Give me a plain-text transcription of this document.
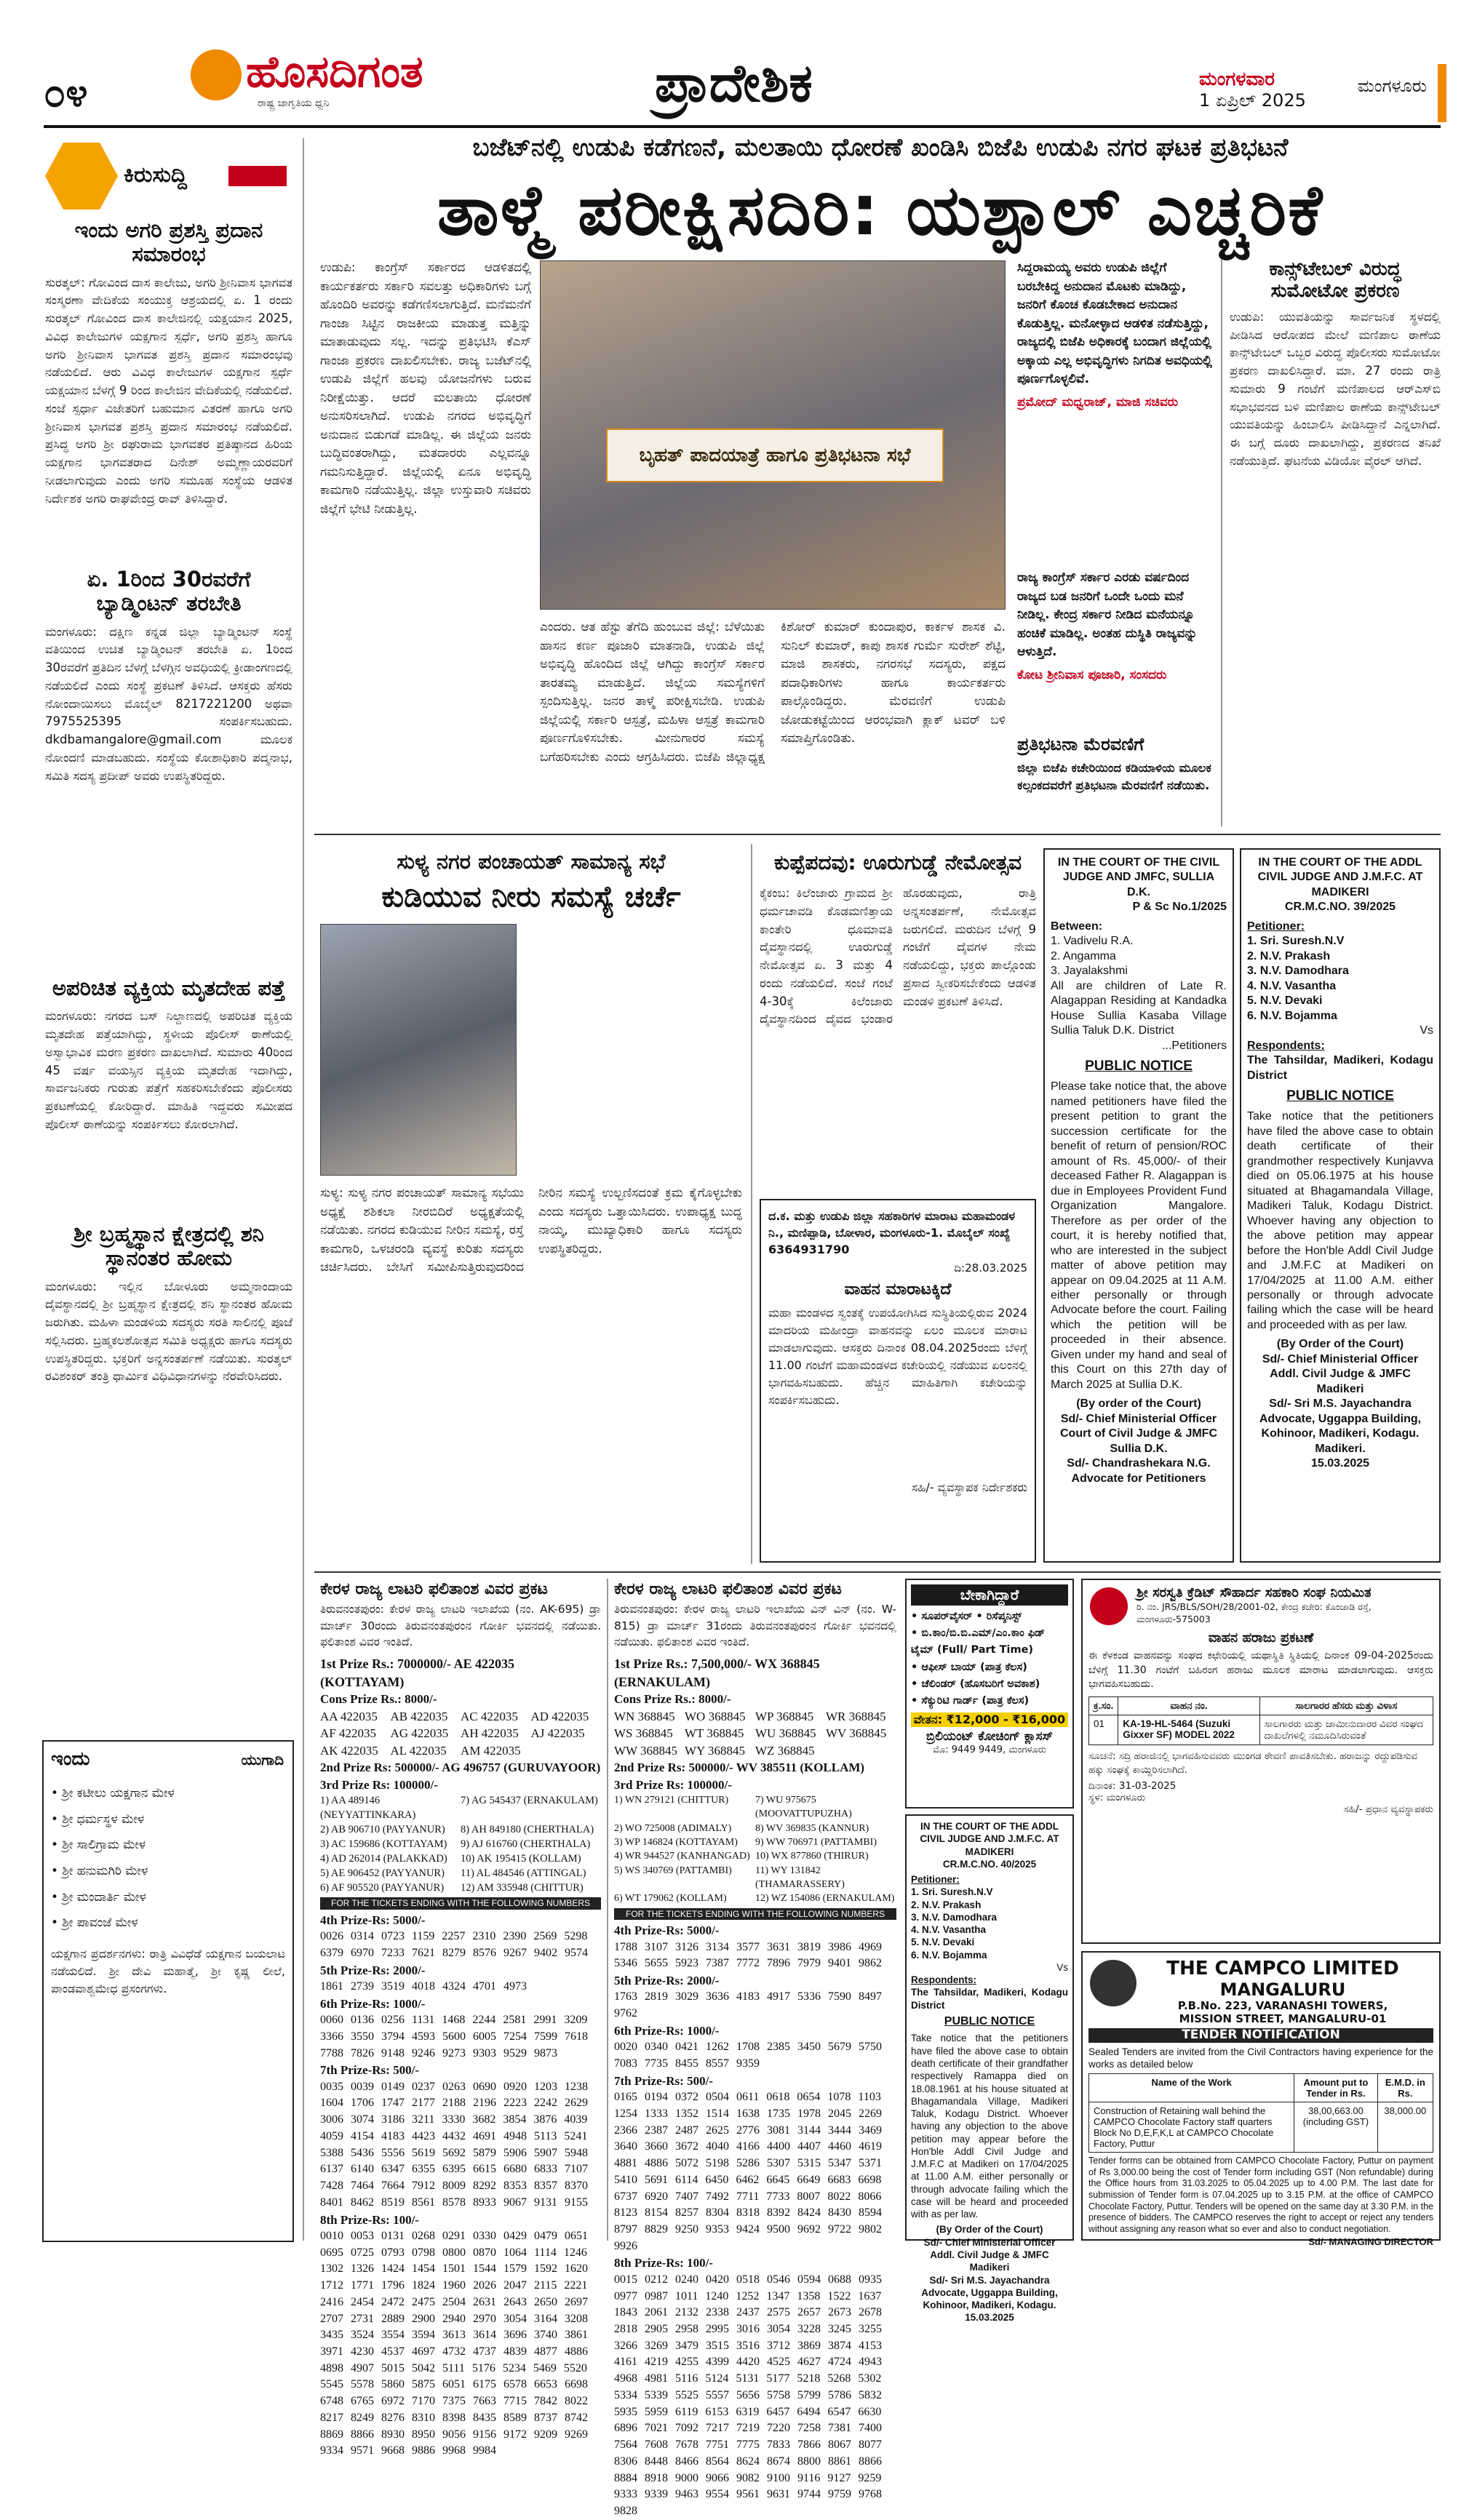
೦೪	ಹೊಸದಿಗಂತ
ರಾಷ್ಟ್ರ ಜಾಗೃತಿಯ ಧ್ವನಿ	ಪ್ರಾದೇಶಿಕ	ಮಂಗಳವಾರ
1 ಏಪ್ರಿಲ್ 2025
ಮಂಗಳೂರು
ಕಿರುಸುದ್ದಿ
ಇಂದು ಅಗರಿ ಪ್ರಶಸ್ತಿ ಪ್ರದಾನ ಸಮಾರಂಭ
ಸುರತ್ಕಲ್: ಗೋವಿಂದ ದಾಸ ಕಾಲೇಜು, ಅಗರಿ ಶ್ರೀನಿವಾಸ ಭಾಗವತ ಸಂಸ್ಮರಣಾ ವೇದಿಕೆಯ ಸಂಯುಕ್ತ ಆಶ್ರಯದಲ್ಲಿ ಏ. 1 ರಂದು ಸುರತ್ಕಲ್ ಗೋವಿಂದ ದಾಸ ಕಾಲೇಜಿನಲ್ಲಿ ಯಕ್ಷಯಾನ 2025, ವಿವಿಧ ಕಾಲೇಜುಗಳ ಯಕ್ಷಗಾನ ಸ್ಪರ್ಧೆ, ಅಗರಿ ಪ್ರಶಸ್ತಿ ಹಾಗೂ ಅಗರಿ ಶ್ರೀನಿವಾಸ ಭಾಗವತ ಪ್ರಶಸ್ತಿ ಪ್ರದಾನ ಸಮಾರಂಭವು ನಡೆಯಲಿದೆ. ಆರು ವಿವಿಧ ಕಾಲೇಜುಗಳ ಯಕ್ಷಗಾನ ಸ್ಪರ್ಧೆ ಯಕ್ಷಯಾನ ಬೆಳಗ್ಗೆ 9 ರಿಂದ ಕಾಲೇಜಿನ ವೇದಿಕೆಯಲ್ಲಿ ನಡೆಯಲಿದೆ. ಸಂಜೆ ಸ್ಪರ್ಧಾ ವಿಜೇತರಿಗೆ ಬಹುಮಾನ ವಿತರಣೆ ಹಾಗೂ ಅಗರಿ ಶ್ರೀನಿವಾಸ ಭಾಗವತ ಪ್ರಶಸ್ತಿ ಪ್ರದಾನ ಸಮಾರಂಭ ನಡೆಯಲಿದೆ. ಪ್ರಸಿದ್ಧ ಅಗರಿ ಶ್ರೀ ರಘುರಾಮ ಭಾಗವತರ ಪ್ರತಿಷ್ಠಾನದ ಹಿರಿಯ ಯಕ್ಷಗಾನ ಭಾಗವತರಾದ ದಿನೇಶ್ ಅಮ್ಮಣ್ಣಾಯರವರಿಗೆ ನೀಡಲಾಗುವುದು ಎಂದು ಅಗರಿ ಸಮೂಹ ಸಂಸ್ಥೆಯ ಆಡಳಿತ ನಿರ್ದೇಶಕ ಅಗರಿ ರಾಘವೇಂದ್ರ ರಾವ್ ತಿಳಿಸಿದ್ದಾರೆ.
ಏ. 1ರಿಂದ 30ರವರೆಗೆ ಬ್ಯಾಡ್ಮಿಂಟನ್ ತರಬೇತಿ
ಮಂಗಳೂರು: ದಕ್ಷಿಣ ಕನ್ನಡ ಜಿಲ್ಲಾ ಬ್ಯಾಡ್ಮಿಂಟನ್ ಸಂಸ್ಥೆ ವತಿಯಿಂದ ಉಚಿತ ಬ್ಯಾಡ್ಮಿಂಟನ್ ತರಬೇತಿ ಏ. 1ರಿಂದ 30ರವರೆಗೆ ಪ್ರತಿದಿನ ಬೆಳಗ್ಗೆ ಬೆಳಗ್ಗಿನ ಅವಧಿಯಲ್ಲಿ ಕ್ರೀಡಾಂಗಣದಲ್ಲಿ ನಡೆಯಲಿದೆ ಎಂದು ಸಂಸ್ಥೆ ಪ್ರಕಟಣೆ ತಿಳಿಸಿದೆ. ಆಸಕ್ತರು ಹೆಸರು ನೋಂದಾಯಿಸಲು ಮೊಬೈಲ್ 8217221200 ಅಥವಾ 7975525395 ಸಂಪರ್ಕಿಸಬಹುದು. dkdbamangalore@gmail.com ಮೂಲಕ ನೋಂದಣಿ ಮಾಡಬಹುದು. ಸಂಸ್ಥೆಯ ಕೋಶಾಧಿಕಾರಿ ಪದ್ಮನಾಭ, ಸಮಿತಿ ಸದಸ್ಯ ಪ್ರದೀಪ್ ಅವರು ಉಪಸ್ಥಿತರಿದ್ದರು.
ಅಪರಿಚಿತ ವ್ಯಕ್ತಿಯ ಮೃತದೇಹ ಪತ್ತೆ
ಮಂಗಳೂರು: ನಗರದ ಬಸ್ ನಿಲ್ದಾಣದಲ್ಲಿ ಅಪರಿಚಿತ ವ್ಯಕ್ತಿಯ ಮೃತದೇಹ ಪತ್ತೆಯಾಗಿದ್ದು, ಸ್ಥಳೀಯ ಪೊಲೀಸ್ ಠಾಣೆಯಲ್ಲಿ ಅಸ್ವಾಭಾವಿಕ ಮರಣ ಪ್ರಕರಣ ದಾಖಲಾಗಿದೆ. ಸುಮಾರು 40ರಿಂದ 45 ವರ್ಷ ವಯಸ್ಸಿನ ವ್ಯಕ್ತಿಯ ಮೃತದೇಹ ಇದಾಗಿದ್ದು, ಸಾರ್ವಜನಿಕರು ಗುರುತು ಪತ್ತೆಗೆ ಸಹಕರಿಸಬೇಕೆಂದು ಪೊಲೀಸರು ಪ್ರಕಟಣೆಯಲ್ಲಿ ಕೋರಿದ್ದಾರೆ. ಮಾಹಿತಿ ಇದ್ದವರು ಸಮೀಪದ ಪೊಲೀಸ್ ಠಾಣೆಯನ್ನು ಸಂಪರ್ಕಿಸಲು ಕೋರಲಾಗಿದೆ.
ಶ್ರೀ ಬ್ರಹ್ಮಸ್ಥಾನ ಕ್ಷೇತ್ರದಲ್ಲಿ ಶನಿ ಸ್ಥಾನಂತರ ಹೋಮ
ಮಂಗಳೂರು: ಇಲ್ಲಿನ ಬೋಳೂರು ಅಮ್ಮನಾಂದಾಯ ದೈವಸ್ಥಾನದಲ್ಲಿ ಶ್ರೀ ಬ್ರಹ್ಮಸ್ಥಾನ ಕ್ಷೇತ್ರದಲ್ಲಿ ಶನಿ ಸ್ಥಾನಂತರ ಹೋಮ ಜರುಗಿತು. ಮಹಿಳಾ ಮಂಡಳಿಯ ಸದಸ್ಯರು ಸರತಿ ಸಾಲಿನಲ್ಲಿ ಪೂಜೆ ಸಲ್ಲಿಸಿದರು. ಬ್ರಹ್ಮಕಲಶೋತ್ಸವ ಸಮಿತಿ ಅಧ್ಯಕ್ಷರು ಹಾಗೂ ಸದಸ್ಯರು ಉಪಸ್ಥಿತರಿದ್ದರು. ಭಕ್ತರಿಗೆ ಅನ್ನಸಂತರ್ಪಣೆ ನಡೆಯಿತು. ಸುರತ್ಕಲ್ ರವಿಶಂಕರ್ ತಂತ್ರಿ ಧಾರ್ಮಿಕ ವಿಧಿವಿಧಾನಗಳನ್ನು ನೆರವೇರಿಸಿದರು.
ಇಂದು	ಯುಗಾದಿ
• ಶ್ರೀ ಕಟೀಲು ಯಕ್ಷಗಾನ ಮೇಳ
• ಶ್ರೀ ಧರ್ಮಸ್ಥಳ ಮೇಳ
• ಶ್ರೀ ಸಾಲಿಗ್ರಾಮ ಮೇಳ
• ಶ್ರೀ ಹನುಮಗಿರಿ ಮೇಳ
• ಶ್ರೀ ಮಂದಾರ್ತಿ ಮೇಳ
• ಶ್ರೀ ಪಾವಂಜೆ ಮೇಳ
ಯಕ್ಷಗಾನ ಪ್ರದರ್ಶನಗಳು: ರಾತ್ರಿ ವಿವಿಧೆಡೆ ಯಕ್ಷಗಾನ ಬಯಲಾಟ ನಡೆಯಲಿದೆ. ಶ್ರೀ ದೇವಿ ಮಹಾತ್ಮೆ, ಶ್ರೀ ಕೃಷ್ಣ ಲೀಲೆ, ಪಾಂಡವಾಶ್ವಮೇಧ ಪ್ರಸಂಗಗಳು.
ಬಜೆಟ್‌ನಲ್ಲಿ ಉಡುಪಿ ಕಡೆಗಣನೆ, ಮಲತಾಯಿ ಧೋರಣೆ ಖಂಡಿಸಿ ಬಿಜೆಪಿ ಉಡುಪಿ ನಗರ ಘಟಕ ಪ್ರತಿಭಟನೆ
ತಾಳ್ಮೆ ಪರೀಕ್ಷಿಸದಿರಿ: ಯಶ್ಪಾಲ್ ಎಚ್ಚರಿಕೆ
ಉಡುಪಿ: ಕಾಂಗ್ರೆಸ್ ಸರ್ಕಾರದ ಆಡಳಿತದಲ್ಲಿ ಕಾರ್ಯಕರ್ತರು ಸರ್ಕಾರಿ ಸವಲತ್ತು ಅಧಿಕಾರಿಗಳು ಬಗ್ಗೆ ಹೊಂದಿರಿ ಅವರನ್ನು ಕಡೆಗಣಿಸಲಾಗುತ್ತಿದೆ. ಮನೆಮನೆಗೆ ಗಾಂಜಾ ಸಿಟ್ಟಿನ ರಾಜಕೀಯ ಮಾಡುತ್ತ ಮತ್ತಿನ್ನು ಮಾತಾಡುವುದು ಸಲ್ಲ. ಇದನ್ನು ಪ್ರತಿಭಟಿಸಿ ಕೆಎಸ್ ಗಾಂಜಾ ಪ್ರಕರಣ ದಾಖಲಿಸಬೇಕು. ರಾಜ್ಯ ಬಜೆಟ್‌ನಲ್ಲಿ ಉಡುಪಿ ಜಿಲ್ಲೆಗೆ ಹಲವು ಯೋಜನೆಗಳು ಬರುವ ನಿರೀಕ್ಷೆಯಿತ್ತು. ಆದರೆ ಮಲತಾಯಿ ಧೋರಣೆ ಅನುಸರಿಸಲಾಗಿದೆ. ಉಡುಪಿ ನಗರದ ಅಭಿವೃದ್ಧಿಗೆ ಅನುದಾನ ಬಿಡುಗಡೆ ಮಾಡಿಲ್ಲ. ಈ ಜಿಲ್ಲೆಯ ಜನರು ಬುದ್ಧಿವಂತರಾಗಿದ್ದು, ಮತದಾರರು ಎಲ್ಲವನ್ನೂ ಗಮನಿಸುತ್ತಿದ್ದಾರೆ. ಜಿಲ್ಲೆಯಲ್ಲಿ ಏನೂ ಅಭಿವೃದ್ಧಿ ಕಾಮಗಾರಿ ನಡೆಯುತ್ತಿಲ್ಲ. ಜಿಲ್ಲಾ ಉಸ್ತುವಾರಿ ಸಚಿವರು ಜಿಲ್ಲೆಗೆ ಭೇಟಿ ನೀಡುತ್ತಿಲ್ಲ.
ಬೃಹತ್ ಪಾದಯಾತ್ರೆ ಹಾಗೂ ಪ್ರತಿಭಟನಾ ಸಭೆ
ಎಂದರು. ಆತ ಹೆಸ್ಟು ತೆಗೆದಿ ಹುಂಬುವ ಜಿಲ್ಲೆ: ಬೆಳೆಯಿತು ಹಾಸನ ಕರ್ಣ ಪೂಜಾರಿ ಮಾತನಾಡಿ, ಉಡುಪಿ ಜಿಲ್ಲೆ ಅಭಿವೃದ್ಧಿ ಹೊಂದಿದ ಜಿಲ್ಲೆ ಆಗಿದ್ದು ಕಾಂಗ್ರೆಸ್ ಸರ್ಕಾರ ತಾರತಮ್ಯ ಮಾಡುತ್ತಿದೆ. ಜಿಲ್ಲೆಯ ಸಮಸ್ಯೆಗಳಿಗೆ ಸ್ಪಂದಿಸುತ್ತಿಲ್ಲ. ಜನರ ತಾಳ್ಮೆ ಪರೀಕ್ಷಿಸಬೇಡಿ. ಉಡುಪಿ ಜಿಲ್ಲೆಯಲ್ಲಿ ಸರ್ಕಾರಿ ಆಸ್ಪತ್ರೆ, ಮಹಿಳಾ ಆಸ್ಪತ್ರೆ ಕಾಮಗಾರಿ ಪೂರ್ಣಗೊಳಿಸಬೇಕು. ಮೀನುಗಾರರ ಸಮಸ್ಯೆ ಬಗೆಹರಿಸಬೇಕು ಎಂದು ಆಗ್ರಹಿಸಿದರು. ಬಿಜೆಪಿ ಜಿಲ್ಲಾಧ್ಯಕ್ಷ ಕಿಶೋರ್ ಕುಮಾರ್ ಕುಂದಾಪುರ, ಕಾರ್ಕಳ ಶಾಸಕ ವಿ. ಸುನಿಲ್ ಕುಮಾರ್, ಕಾಪು ಶಾಸಕ ಗುರ್ಮೆ ಸುರೇಶ್ ಶೆಟ್ಟಿ, ಮಾಜಿ ಶಾಸಕರು, ನಗರಸಭೆ ಸದಸ್ಯರು, ಪಕ್ಷದ ಪದಾಧಿಕಾರಿಗಳು ಹಾಗೂ ಕಾರ್ಯಕರ್ತರು ಪಾಲ್ಗೊಂಡಿದ್ದರು. ಮೆರವಣಿಗೆ ಉಡುಪಿ ಜೋಡುಕಟ್ಟೆಯಿಂದ ಆರಂಭವಾಗಿ ಕ್ಲಾಕ್ ಟವರ್ ಬಳಿ ಸಮಾಪ್ತಿಗೊಂಡಿತು.
ಸಿದ್ದರಾಮಯ್ಯ ಅವರು ಉಡುಪಿ ಜಿಲ್ಲೆಗೆ ಬರಬೇಕಿದ್ದ ಅನುದಾನ ಮೊಟಕು ಮಾಡಿದ್ದು, ಜನರಿಗೆ ಕೊಂಚ ಕೊಡಬೇಕಾದ ಅನುದಾನ ಕೊಡುತ್ತಿಲ್ಲ. ಮನೋಳ್ಳಾದ ಆಡಳಿತ ನಡೆಸುತ್ತಿದ್ದು, ರಾಜ್ಯದಲ್ಲಿ ಬಿಜೆಪಿ ಅಧಿಕಾರಕ್ಕೆ ಬಂದಾಗ ಜಿಲ್ಲೆಯಲ್ಲಿ ಅಕ್ಕಾಯ ಎಲ್ಲ ಅಭಿವೃದ್ಧಿಗಳು ನಿಗದಿತ ಅವಧಿಯಲ್ಲಿ ಪೂರ್ಣಗೊಳ್ಳಲಿವೆ.
ಪ್ರಮೋದ್ ಮಧ್ವರಾಜ್, ಮಾಜಿ ಸಚಿವರು
ರಾಜ್ಯ ಕಾಂಗ್ರೆಸ್ ಸರ್ಕಾರ ಎರಡು ವರ್ಷದಿಂದ ರಾಜ್ಯದ ಬಡ ಜನರಿಗೆ ಒಂದೇ ಒಂದು ಮನೆ ನೀಡಿಲ್ಲ. ಕೇಂದ್ರ ಸರ್ಕಾರ ನೀಡಿದ ಮನೆಯನ್ನೂ ಹಂಚಿಕೆ ಮಾಡಿಲ್ಲ. ಅಂತಹ ದುಸ್ಥಿತಿ ರಾಜ್ಯವನ್ನು ಆಳುತ್ತಿದೆ.
ಕೋಟ ಶ್ರೀನಿವಾಸ ಪೂಜಾರಿ, ಸಂಸದರು
ಪ್ರತಿಭಟನಾ ಮೆರವಣಿಗೆ
ಜಿಲ್ಲಾ ಬಿಜೆಪಿ ಕಚೇರಿಯಿಂದ ಕಡಿಯಾಳಿಯ ಮೂಲಕ ಕಲ್ಸಂಕದವರೆಗೆ ಪ್ರತಿಭಟನಾ ಮೆರವಣಿಗೆ ನಡೆಯಿತು.
ಕಾನ್ಸ್‌ಟೇಬಲ್ ವಿರುದ್ಧ ಸುಮೋಟೋ ಪ್ರಕರಣ
ಉಡುಪಿ: ಯುವತಿಯನ್ನು ಸಾರ್ವಜನಿಕ ಸ್ಥಳದಲ್ಲಿ ಪೀಡಿಸಿದ ಆರೋಪದ ಮೇಲೆ ಮಣಿಪಾಲ ಠಾಣೆಯ ಕಾನ್ಸ್‌ಟೇಬಲ್ ಒಬ್ಬರ ವಿರುದ್ಧ ಪೊಲೀಸರು ಸುಮೋಟೋ ಪ್ರಕರಣ ದಾಖಲಿಸಿದ್ದಾರೆ. ಮಾ. 27 ರಂದು ರಾತ್ರಿ ಸುಮಾರು 9 ಗಂಟೆಗೆ ಮಣಿಪಾಲದ ಆರ್‌ಎಸ್‌ಬಿ ಸಭಾಭವನದ ಬಳಿ ಮಣಿಪಾಲ ಠಾಣೆಯ ಕಾನ್ಸ್‌ಟೇಬಲ್ ಯುವತಿಯನ್ನು ಹಿಂಬಾಲಿಸಿ ಪೀಡಿಸಿದ್ದಾನೆ ಎನ್ನಲಾಗಿದೆ. ಈ ಬಗ್ಗೆ ದೂರು ದಾಖಲಾಗಿದ್ದು, ಪ್ರಕರಣದ ತನಿಖೆ ನಡೆಯುತ್ತಿದೆ. ಘಟನೆಯ ವಿಡಿಯೋ ವೈರಲ್ ಆಗಿದೆ.
ಸುಳ್ಯ ನಗರ ಪಂಚಾಯತ್ ಸಾಮಾನ್ಯ ಸಭೆ
ಕುಡಿಯುವ ನೀರು ಸಮಸ್ಯೆ ಚರ್ಚೆ
ಸುಳ್ಯ: ಸುಳ್ಯ ನಗರ ಪಂಚಾಯತ್ ಸಾಮಾನ್ಯ ಸಭೆಯು ಅಧ್ಯಕ್ಷೆ ಶಶಿಕಲಾ ನೀರಬಿದಿರೆ ಅಧ್ಯಕ್ಷತೆಯಲ್ಲಿ ನಡೆಯಿತು. ನಗರದ ಕುಡಿಯುವ ನೀರಿನ ಸಮಸ್ಯೆ, ರಸ್ತೆ ಕಾಮಗಾರಿ, ಒಳಚರಂಡಿ ವ್ಯವಸ್ಥೆ ಕುರಿತು ಸದಸ್ಯರು ಚರ್ಚಿಸಿದರು. ಬೇಸಿಗೆ ಸಮೀಪಿಸುತ್ತಿರುವುದರಿಂದ ನೀರಿನ ಸಮಸ್ಯೆ ಉಲ್ಬಣಿಸದಂತೆ ಕ್ರಮ ಕೈಗೊಳ್ಳಬೇಕು ಎಂದು ಸದಸ್ಯರು ಒತ್ತಾಯಿಸಿದರು. ಉಪಾಧ್ಯಕ್ಷ ಬುದ್ಧ ನಾಯ್ಕ, ಮುಖ್ಯಾಧಿಕಾರಿ ಹಾಗೂ ಸದಸ್ಯರು ಉಪಸ್ಥಿತರಿದ್ದರು.
ಕುಪ್ಪೆಪದವು: ಊರುಗುಡ್ಡೆ ನೇಮೋತ್ಸವ
ಕೈಕಂಬ: ಕಿಲೆಂಜಾರು ಗ್ರಾಮದ ಶ್ರೀ ಧರ್ಮಚಾವಡಿ ಕೊಡಮಣಿತ್ತಾಯ ಕಾಂತೇರಿ ಧೂಮಾವತಿ ದೈವಸ್ಥಾನದಲ್ಲಿ ಊರುಗುಡ್ಡೆ ನೇಮೋತ್ಸವ ಏ. 3 ಮತ್ತು 4 ರಂದು ನಡೆಯಲಿದೆ. ಸಂಜೆ ಗಂಟೆ 4-30ಕ್ಕೆ ಕಿಲೆಂಜಾರು ದೈವಸ್ಥಾನದಿಂದ ದೈವದ ಭಂಡಾರ ಹೊರಡುವುದು, ರಾತ್ರಿ ಅನ್ನಸಂತರ್ಪಣೆ, ನೇಮೋತ್ಸವ ಜರುಗಲಿದೆ. ಮರುದಿನ ಬೆಳಗ್ಗೆ 9 ಗಂಟೆಗೆ ದೈವಗಳ ನೇಮ ನಡೆಯಲಿದ್ದು, ಭಕ್ತರು ಪಾಲ್ಗೊಂಡು ಪ್ರಸಾದ ಸ್ವೀಕರಿಸಬೇಕೆಂದು ಆಡಳಿತ ಮಂಡಳಿ ಪ್ರಕಟಣೆ ತಿಳಿಸಿದೆ.
ದ.ಕ. ಮತ್ತು ಉಡುಪಿ ಜಿಲ್ಲಾ ಸಹಕಾರಿಗಳ ಮಾರಾಟ ಮಹಾಮಂಡಳ ನಿ., ಮಣಿಪ್ಪಾಡಿ, ಬೋಳಾರ, ಮಂಗಳೂರು-1. ಮೊಬೈಲ್ ಸಂಖ್ಯೆ 6364931790
ದಿ:28.03.2025
ವಾಹನ ಮಾರಾಟಕ್ಕಿದೆ
ಮಹಾ ಮಂಡಳದ ಸ್ವಂತಕ್ಕೆ ಉಪಯೋಗಿಸಿದ ಸುಸ್ಥಿತಿಯಲ್ಲಿರುವ 2024 ಮಾದರಿಯ ಮಹೀಂದ್ರಾ ವಾಹನವನ್ನು ಏಲಂ ಮೂಲಕ ಮಾರಾಟ ಮಾಡಲಾಗುವುದು. ಆಸಕ್ತರು ದಿನಾಂಕ 08.04.2025ರಂದು ಬೆಳಿಗ್ಗೆ 11.00 ಗಂಟೆಗೆ ಮಹಾಮಂಡಳದ ಕಚೇರಿಯಲ್ಲಿ ನಡೆಯುವ ಏಲಂನಲ್ಲಿ ಭಾಗವಹಿಸಬಹುದು. ಹೆಚ್ಚಿನ ಮಾಹಿತಿಗಾಗಿ ಕಚೇರಿಯನ್ನು ಸಂಪರ್ಕಿಸಬಹುದು.
ಸಹಿ/- ವ್ಯವಸ್ಥಾಪಕ ನಿರ್ದೇಶಕರು
IN THE COURT OF THE CIVIL JUDGE AND JMFC, SULLIA D.K.
P & Sc No.1/2025
Between:
1. Vadivelu R.A.
2. Angamma
3. Jayalakshmi
All are children of Late R. Alagappan Residing at Kandadka House Sullia Kasaba Village Sullia Taluk D.K. District
...Petitioners
PUBLIC NOTICE
Please take notice that, the above named petitioners have filed the present petition to grant the succession certificate for the benefit of return of pension/ROC amount of Rs. 45,000/- of their deceased Father R. Alagappan is due in Employees Provident Fund Organization Mangalore. Therefore as per order of the court, it is hereby notified that, who are interested in the subject matter of above petition may appear on 09.04.2025 at 11 A.M. either personally or through Advocate before the court. Failing which the petition will be proceeded in their absence. Given under my hand and seal of this Court on this 27th day of March 2025 at Sullia D.K.
(By order of the Court)
Sd/- Chief Ministerial Officer
Court of Civil Judge & JMFC Sullia D.K.
Sd/- Chandrashekara N.G.
Advocate for Petitioners
IN THE COURT OF THE ADDL CIVIL JUDGE AND J.M.F.C. AT MADIKERI
CR.M.C.NO. 39/2025
Petitioner:
1. Sri. Suresh.N.V
2. N.V. Prakash
3. N.V. Damodhara
4. N.V. Vasantha
5. N.V. Devaki
6. N.V. Bojamma
Vs
Respondents:
The Tahsildar, Madikeri, Kodagu District
PUBLIC NOTICE
Take notice that the petitioners have filed the above case to obtain death certificate of their grandmother respectively Kunjavva died on 05.06.1975 at his house situated at Bhagamandala Village, Madikeri Taluk, Kodagu District. Whoever having any objection to the above petition may appear before the Hon'ble Addl Civil Judge and J.M.F.C at Madikeri on 17/04/2025 at 11.00 A.M. either personally or through advocate failing which the case will be heard and proceeded with as per law.
(By Order of the Court)
Sd/- Chief Ministerial Officer
Addl. Civil Judge & JMFC Madikeri
Sd/- Sri M.S. Jayachandra
Advocate, Uggappa Building, Kohinoor, Madikeri, Kodagu. Madikeri.
15.03.2025
ಕೇರಳ ರಾಜ್ಯ ಲಾಟರಿ ಫಲಿತಾಂಶ ವಿವರ ಪ್ರಕಟ
ತಿರುವನಂತಪುರಂ: ಕೇರಳ ರಾಜ್ಯ ಲಾಟರಿ ಇಲಾಖೆಯ (ನಂ. AK-695) ಡ್ರಾ ಮಾರ್ಚ್ 30ರಂದು ತಿರುವನಂತಪುರಂನ ಗೋರ್ಕಿ ಭವನದಲ್ಲಿ ನಡೆಯಿತು. ಫಲಿತಾಂಶ ವಿವರ ಇಂತಿದೆ.
1st Prize Rs.: 7000000/- AE 422035 (KOTTAYAM)
Cons Prize Rs.: 8000/-
AA 422035	AB 422035	AC 422035	AD 422035
AF 422035	AG 422035 AH 422035 AJ 422035
AK 422035 AL 422035	AM 422035
2nd Prize Rs: 500000/- AG 496757 (GURUVAYOOR)
3rd Prize Rs: 100000/-
1) AA 489146 (NEYYATTINKARA)
7) AG 545437 (ERNAKULAM)
2) AB 906710 (PAYYANUR)	8) AH 849180 (CHERTHALA)
3) AC 159686 (KOTTAYAM)	9) AJ 616760 (CHERTHALA)
4) AD 262014 (PALAKKAD)	10) AK 195415 (KOLLAM)
5) AE 906452 (PAYYANUR)	11) AL 484546 (ATTINGAL)
6) AF 905520 (PAYYANUR)	12) AM 335948 (CHITTUR)
FOR THE TICKETS ENDING WITH THE FOLLOWING NUMBERS
4th Prize-Rs: 5000/-
0026 0314 0723 1159 2257 2310 2390 2569 5298 6379 6970 7233 7621 8279 8576 9267 9402 9574
5th Prize-Rs: 2000/-
1861 2739 3519 4018 4324 4701 4973
6th Prize-Rs: 1000/-
0060 0136 0256 1131 1468 2244 2581 2991 3209 3366 3550 3794 4593 5600 6005 7254 7599 7618 7788 7826 9148 9246 9273 9303 9529 9873
7th Prize-Rs: 500/-
0035 0039 0149 0237 0263 0690 0920 1203 1238 1604 1706 1747 2177 2188 2196 2223 2242 2629 3006 3074 3186 3211 3330 3682 3854 3876 4039 4059 4154 4183 4423 4432 4691 4948 5113 5241 5388 5436 5556 5619 5692 5879 5906 5907 5948 6137 6140 6347 6355 6395 6615 6680 6833 7107 7428 7464 7664 7912 8009 8292 8353 8357 8370 8401 8462 8519 8561 8578 8933 9067 9131 9155
8th Prize-Rs: 100/-
0010 0053 0131 0268 0291 0330 0429 0479 0651 0695 0725 0793 0798 0800 0870 1064 1114 1246 1302 1326 1424 1454 1501 1544 1579 1592 1620 1712 1771 1796 1824 1960 2026 2047 2115 2221 2416 2454 2472 2475 2504 2631 2643 2650 2697 2707 2731 2889 2900 2940 2970 3054 3164 3208 3435 3524 3554 3594 3613 3614 3696 3740 3861 3971 4230 4537 4697 4732 4737 4839 4877 4886 4898 4907 5015 5042 5111 5176 5234 5469 5520 5545 5578 5860 5875 6051 6175 6578 6653 6698 6748 6765 6972 7170 7375 7663 7715 7842 8022 8217 8249 8276 8310 8398 8435 8589 8737 8742 8869 8866 8930 8950 9056 9156 9172 9209 9269 9334 9571 9668 9886 9968 9984
ಕೇರಳ ರಾಜ್ಯ ಲಾಟರಿ ಫಲಿತಾಂಶ ವಿವರ ಪ್ರಕಟ
ತಿರುವನಂತಪುರಂ: ಕೇರಳ ರಾಜ್ಯ ಲಾಟರಿ ಇಲಾಖೆಯ ವಿನ್ ವಿನ್ (ನಂ. W-815) ಡ್ರಾ ಮಾರ್ಚ್ 31ರಂದು ತಿರುವನಂತಪುರಂನ ಗೋರ್ಕಿ ಭವನದಲ್ಲಿ ನಡೆಯಿತು. ಫಲಿತಾಂಶ ವಿವರ ಇಂತಿದೆ.
1st Prize Rs.: 7,500,000/- WX 368845 (ERNAKULAM)
Cons Prize Rs.: 8000/-
WN 368845 WO 368845 WP 368845 WR 368845
WS 368845 WT 368845 WU 368845 WV 368845
WW 368845 WY 368845 WZ 368845
2nd Prize Rs: 500000/- WV 385511 (KOLLAM)
3rd Prize Rs: 100000/-
1) WN 279121 (CHITTUR)	7) WU 975675 (MOOVATTUPUZHA)
2) WO 725008 (ADIMALY)	8) WV 369835 (KANNUR)
3) WP 146824 (KOTTAYAM)	9) WW 706971 (PATTAMBI)
4) WR 944527 (KANHANGAD) 10) WX 877860 (THIRUR)
5) WS 340769 (PATTAMBI)	11) WY 131842 (THAMARASSERY)
6) WT 179062 (KOLLAM)	12) WZ 154086 (ERNAKULAM)
FOR THE TICKETS ENDING WITH THE FOLLOWING NUMBERS
4th Prize-Rs: 5000/-
1788 3107 3126 3134 3577 3631 3819 3986 4969 5346 5655 5923 7387 7772 7896 7979 9401 9862
5th Prize-Rs: 2000/-
1763 2819 3029 3636 4183 4917 5336 7590 8497 9762
6th Prize-Rs: 1000/-
0020 0340 0421 1262 1708 2385 3450 5679 5750 7083 7735 8455 8557 9359
7th Prize-Rs: 500/-
0165 0194 0372 0504 0611 0618 0654 1078 1103 1254 1333 1352 1514 1638 1735 1978 2045 2269 2366 2387 2487 2625 2776 3081 3144 3444 3469 3640 3660 3672 4040 4166 4400 4407 4460 4619 4881 4886 5072 5198 5286 5307 5315 5347 5371 5410 5691 6114 6450 6462 6645 6649 6683 6698 6737 6920 7407 7492 7711 7733 8007 8022 8066 8123 8154 8257 8304 8318 8392 8424 8430 8594 8797 8829 9250 9353 9424 9500 9692 9722 9802 9926
8th Prize-Rs: 100/-
0015 0212 0240 0420 0518 0546 0594 0688 0935 0977 0987 1011 1240 1252 1347 1358 1522 1637 1843 2061 2132 2338 2437 2575 2657 2673 2678 2818 2905 2958 2995 3016 3054 3228 3245 3255 3266 3269 3479 3515 3516 3712 3869 3874 4153 4161 4219 4255 4399 4420 4525 4627 4724 4943 4968 4981 5116 5124 5131 5177 5218 5268 5302 5334 5339 5525 5557 5656 5758 5799 5786 5832 5935 5959 6119 6153 6319 6457 6494 6547 6630 6896 7021 7092 7217 7219 7220 7258 7381 7400 7564 7608 7678 7751 7775 7833 7866 8067 8077 8306 8448 8466 8564 8624 8674 8800 8861 8866 8884 8918 9000 9066 9082 9100 9116 9127 9259 9333 9339 9463 9554 9561 9631 9744 9759 9768 9828
ಬೇಕಾಗಿದ್ದಾರೆ
• ಸೂಪರ್‌ವೈಸರ್ • ರಿಸೆಪ್ಶನಿಸ್ಟ್
• ಬಿ.ಕಾಂ/ಬಿ.ಬಿ.ಎಮ್/ಎಂ.ಕಾಂ ಫಿಡ್ ಟೈಮ್ (Full/ Part Time)
• ಆಫೀಸ್ ಬಾಯ್ (ಪಾತ್ರ ಕೆಲಸ)
• ಚೆಲಿಂಡರ್ (ಹೊಸಬರಿಗೆ ಅವಕಾಶ)
• ಸೆಕ್ಯುರಿಟಿ ಗಾರ್ಡ್ (ಪಾತ್ರ ಕೆಲಸ)
ವೇತನ: ₹12,000 - ₹16,000
ಬ್ರಿಲಿಯಂಟ್ ಕೋಚಿಂಗ್ ಕ್ಲಾಸಸ್
ಮೊ: 9449 9449, ಮಂಗಳೂರು
IN THE COURT OF THE ADDL CIVIL JUDGE AND J.M.F.C. AT MADIKERI
CR.M.C.NO. 40/2025
Petitioner:
1. Sri. Suresh.N.V
2. N.V. Prakash
3. N.V. Damodhara
4. N.V. Vasantha
5. N.V. Devaki
6. N.V. Bojamma
Vs
Respondents:
The Tahsildar, Madikeri, Kodagu District
PUBLIC NOTICE
Take notice that the petitioners have filed the above case to obtain death certificate of their grandfather respectively Ramappa died on 18.08.1961 at his house situated at Bhagamandala Village, Madikeri Taluk, Kodagu District. Whoever having any objection to the above petition may appear before the Hon'ble Addl Civil Judge and J.M.F.C at Madikeri on 17/04/2025 at 11.00 A.M. either personally or through advocate failing which the case will be heard and proceeded with as per law.
(By Order of the Court)
Sd/- Chief Ministerial Officer
Addl. Civil Judge & JMFC Madikeri
Sd/- Sri M.S. Jayachandra
Advocate, Uggappa Building, Kohinoor, Madikeri, Kodagu.
15.03.2025
ಶ್ರೀ ಸರಸ್ವತಿ ಕ್ರೆಡಿಟ್ ಸೌಹಾರ್ದ ಸಹಕಾರಿ ಸಂಘ ನಿಯಮಿತ
ರಿ. ನಂ. JRS/BLS/SOH/28/2001-02, ಕೇಂದ್ರ ಕಚೇರಿ: ಕೊಂಚಾಡಿ ರಸ್ತೆ, ಮಂಗಳೂರು-575003
ವಾಹನ ಹರಾಜು ಪ್ರಕಟಣೆ
ಈ ಕೆಳಕಂಡ ವಾಹನವನ್ನು ಸಂಘದ ಕಛೇರಿಯಲ್ಲಿ ಯಥಾಸ್ಥಿತಿ ಸ್ಥಿತಿಯಲ್ಲಿ ದಿನಾಂಕ 09-04-2025ರಂದು ಬೆಳಿಗ್ಗೆ 11.30 ಗಂಟೆಗೆ ಬಹಿರಂಗ ಹರಾಜು ಮೂಲಕ ಮಾರಾಟ ಮಾಡಲಾಗುವುದು. ಆಸಕ್ತರು ಭಾಗವಹಿಸಬಹುದು.
ಕ್ರ.ಸಂ.	ವಾಹನ ನಂ.	ಸಾಲಗಾರರ ಹೆಸರು ಮತ್ತು ವಿಳಾಸ
01	KA-19-HL-5464 (Suzuki Gixxer SF) MODEL 2022	ಸಾಲಗಾರರು ಮತ್ತು ಜಾಮೀನುದಾರರ ವಿವರ ಸಂಘದ ದಾಖಲೆಗಳಲ್ಲಿ ನಮೂದಿಸಿರುವಂತೆ
ಸೂಚನೆ: ಸದ್ರಿ ಹರಾಜಿನಲ್ಲಿ ಭಾಗವಹಿಸುವವರು ಮುಂಗಡ ಠೇವಣಿ ಪಾವತಿಸಬೇಕು. ಹರಾಜನ್ನು ರದ್ದುಪಡಿಸುವ ಹಕ್ಕು ಸಂಘಕ್ಕೆ ಕಾಯ್ದಿರಿಸಲಾಗಿದೆ.
ದಿನಾಂಕ: 31-03-2025
ಸ್ಥಳ: ಮಂಗಳೂರು
ಸಹಿ/- ಪ್ರಧಾನ ವ್ಯವಸ್ಥಾಪಕರು
THE CAMPCO LIMITED
MANGALURU
P.B.No. 223, VARANASHI TOWERS,
MISSION STREET, MANGALURU-01
TENDER NOTIFICATION
Sealed Tenders are invited from the Civil Contractors having experience for the works as detailed below
Name of the Work	Amount put to Tender in Rs.	E.M.D. in Rs.
Construction of Retaining wall behind the CAMPCO Chocolate Factory staff quarters Block No D,E,F,K,L at CAMPCO Chocolate Factory, Puttur	38,00,663.00 (including GST)	38,000.00
Tender forms can be obtained from CAMPCO Chocolate Factory, Puttur on payment of Rs 3,000.00 being the cost of Tender form including GST (Non refundable) during the Office hours from 31.03.2025 to 05.04.2025 up to 4.00 P.M. The last date for submission of Tender form is 07.04.2025 up to 3.15 P.M. at the office of CAMPCO Chocolate Factory, Puttur. Tenders will be opened on the same day at 3.30 P.M. in the presence of bidders. The CAMPCO reserves the right to accept or reject any tenders without assigning any reason what so ever and also to conduct negotiation.
Sd/- MANAGING DIRECTOR
